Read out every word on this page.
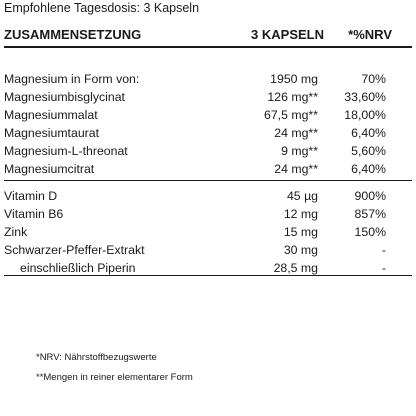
Empfohlene Tagesdosis: 3 Kapseln
ZUSAMMENSETZUNG	3 KAPSELN	*%NRV
Magnesium in Form von:	1950 mg	70%
Magnesiumbisglycinat	126 mg**	33,60%
Magnesiummalat	67,5 mg**	18,00%
Magnesiumtaurat	24 mg**	6,40%
Magnesium-L-threonat	9 mg**	5,60%
Magnesiumcitrat	24 mg**	6,40%
Vitamin D	45 µg	900%
Vitamin B6	12 mg	857%
Zink	15 mg	150%
Schwarzer-Pfeffer-Extrakt	30 mg	-
einschließlich Piperin	28,5 mg	-
*NRV: Nährstoffbezugswerte
**Mengen in reiner elementarer Form
